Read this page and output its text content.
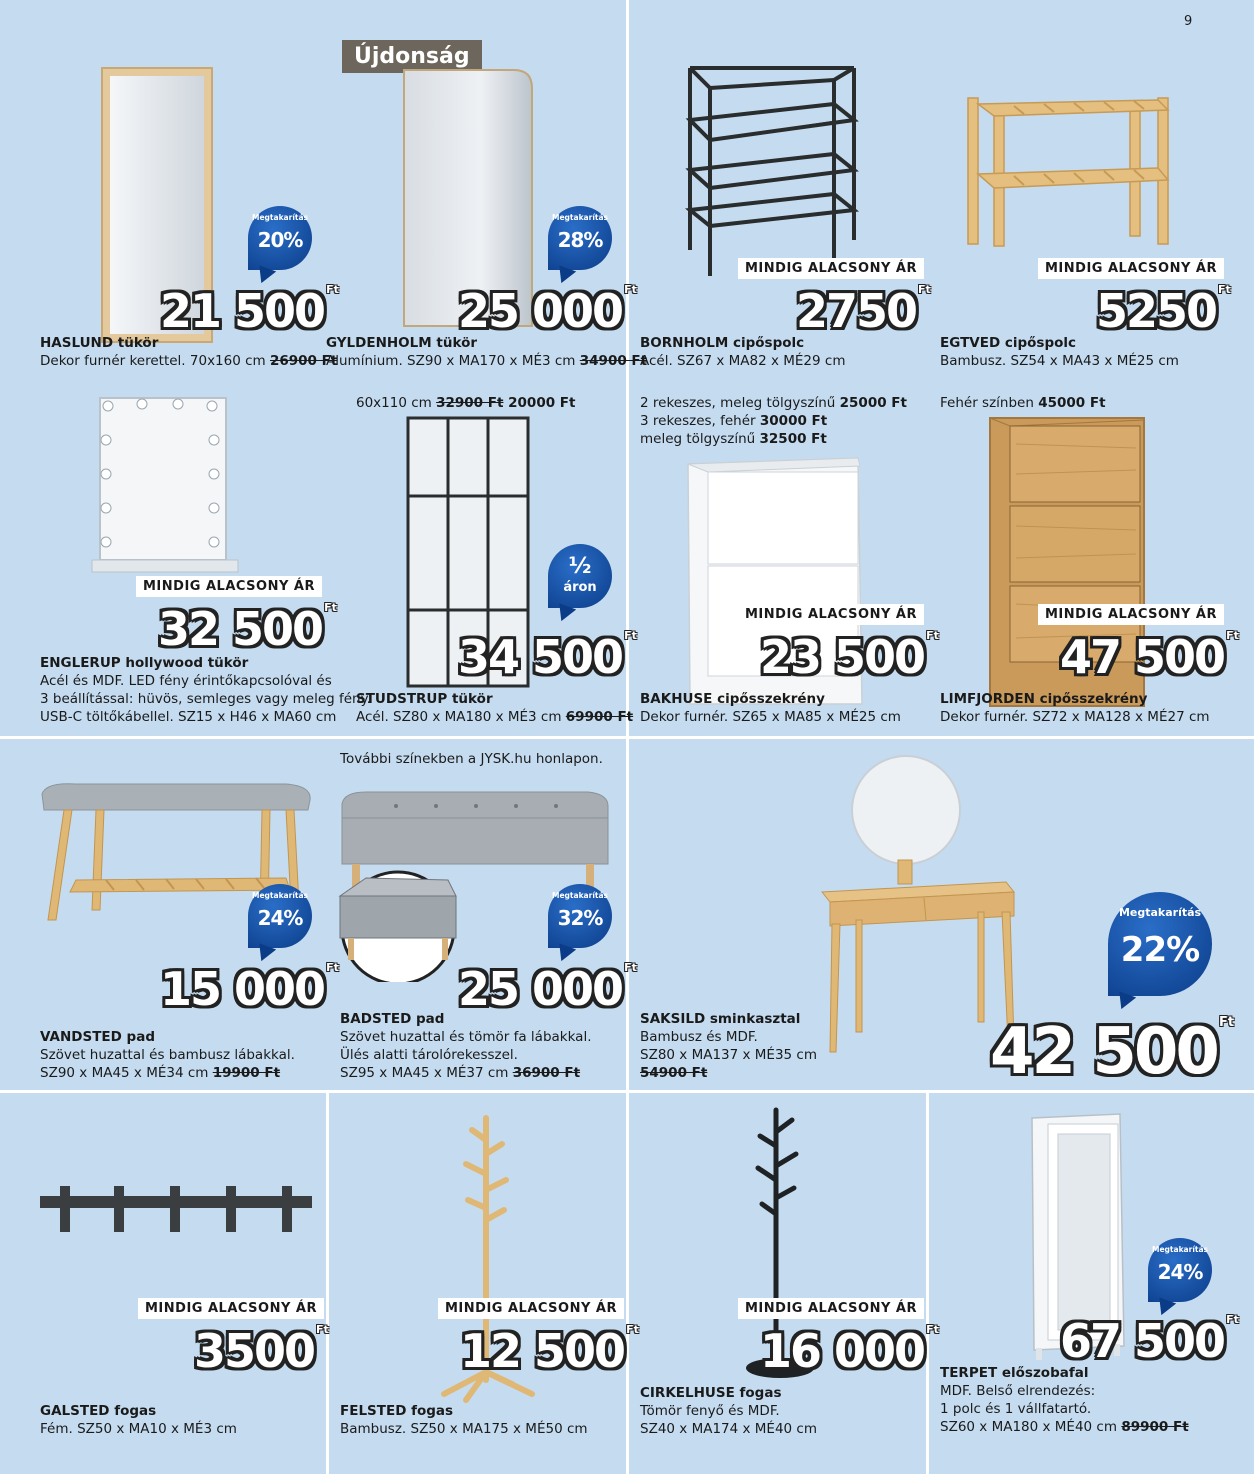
9
Megtakarítás
20%
21 500 $^{Ft}$
HASLUND tükör
Dekor furnér kerettel. 70x160 cm 26900 Ft
Újdonság
Megtakarítás
28%
25 000 $^{Ft}$
GYLDENHOLM tükör
Alumínium. SZ90 x MA170 x MÉ3 cm 34900 Ft
MINDIG ALACSONY ÁR
2750 $^{Ft}$
BORNHOLM cipőspolc
Acél. SZ67 x MA82 x MÉ29 cm
MINDIG ALACSONY ÁR
5250 $^{Ft}$
EGTVED cipőspolc
Bambusz. SZ54 x MA43 x MÉ25 cm
MINDIG ALACSONY ÁR
32 500 $^{Ft}$
ENGLERUP hollywood tükör
Acél és MDF. LED fény érintőkapcsolóval és
3 beállítással: hüvös, semleges vagy meleg fény.
USB-C töltőkábellel. SZ15 x H46 x MA60 cm
60x110 cm 32900 Ft 20000 Ft
½
áron
34 500 $^{Ft}$
STUDSTRUP tükör
Acél. SZ80 x MA180 x MÉ3 cm 69900 Ft
2 rekeszes, meleg tölgyszínű 25000 Ft
3 rekeszes, fehér 30000 Ft
meleg tölgyszínű 32500 Ft
MINDIG ALACSONY ÁR
23 500 $^{Ft}$
BAKHUSE cipősszekrény
Dekor furnér. SZ65 x MA85 x MÉ25 cm
Fehér színben 45000 Ft
MINDIG ALACSONY ÁR
47 500 $^{Ft}$
LIMFJORDEN cipősszekrény
Dekor furnér. SZ72 x MA128 x MÉ27 cm
Megtakarítás
24%
15 000 $^{Ft}$
VANDSTED pad
Szövet huzattal és bambusz lábakkal.
SZ90 x MA45 x MÉ34 cm 19900 Ft
További színekben a JYSK.hu honlapon.
Megtakarítás
32%
25 000 $^{Ft}$
BADSTED pad
Szövet huzattal és tömör fa lábakkal.
Ülés alatti tárolórekesszel.
SZ95 x MA45 x MÉ37 cm 36900 Ft
Megtakarítás
22%
42 500 $^{Ft}$
SAKSILD sminkasztal
Bambusz és MDF.
SZ80 x MA137 x MÉ35 cm
54900 Ft
MINDIG ALACSONY ÁR
3500 $^{Ft}$
GALSTED fogas
Fém. SZ50 x MA10 x MÉ3 cm
MINDIG ALACSONY ÁR
12 500 $^{Ft}$
FELSTED fogas
Bambusz. SZ50 x MA175 x MÉ50 cm
MINDIG ALACSONY ÁR
16 000 $^{Ft}$
CIRKELHUSE fogas
Tömör fenyő és MDF.
SZ40 x MA174 x MÉ40 cm
Megtakarítás
24%
67 500 $^{Ft}$
TERPET előszobafal
MDF. Belső elrendezés:
1 polc és 1 vállfatartó.
SZ60 x MA180 x MÉ40 cm 89900 Ft
